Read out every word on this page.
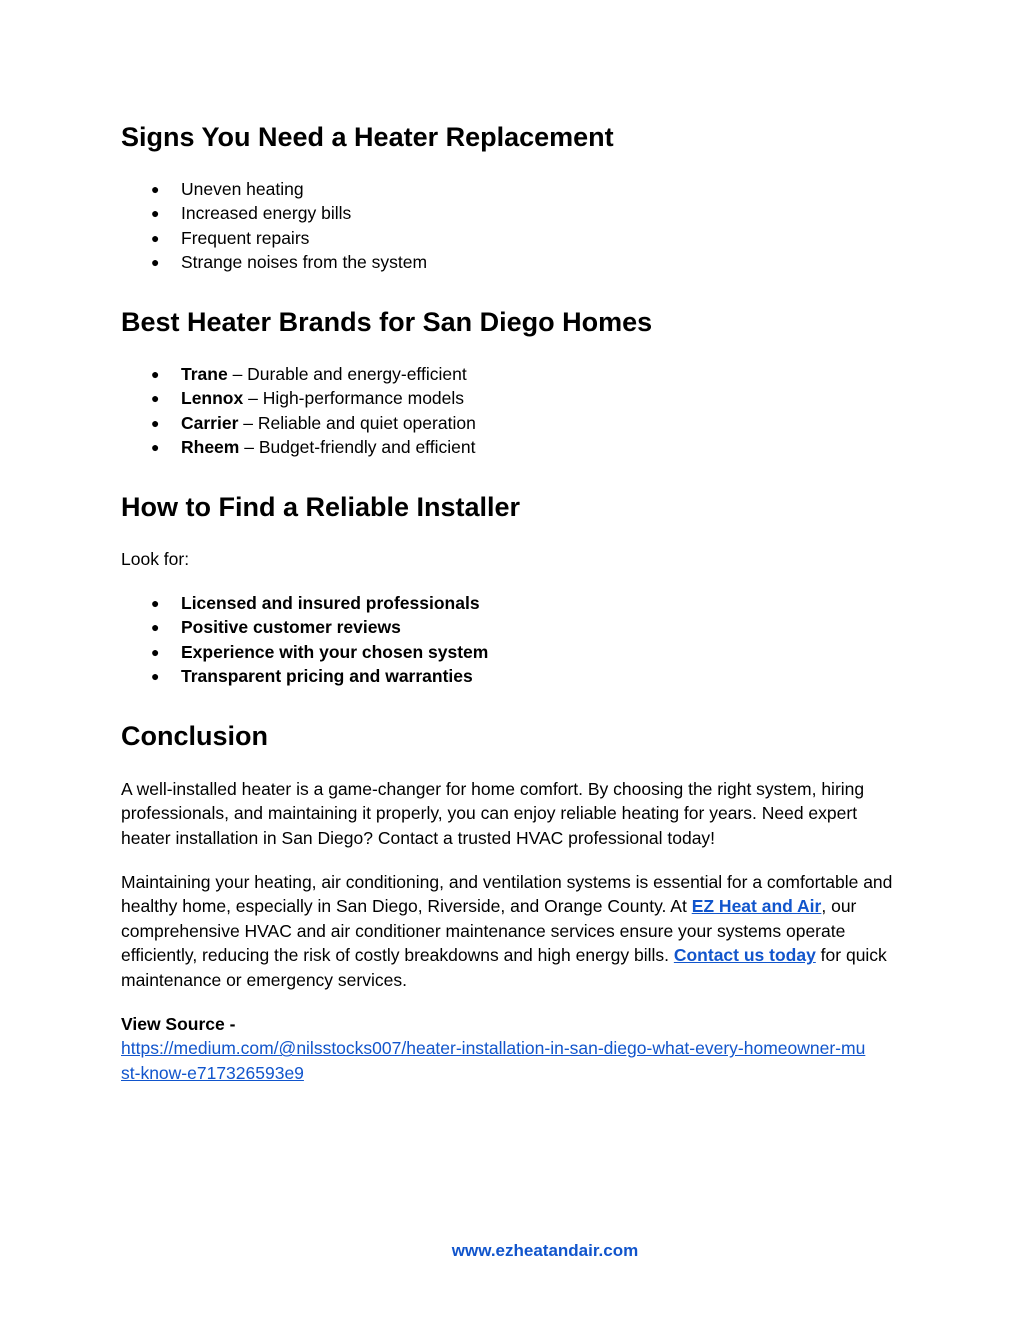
Signs You Need a Heater Replacement
● Uneven heating
● Increased energy bills
● Frequent repairs
● Strange noises from the system
Best Heater Brands for San Diego Homes
● Trane – Durable and energy-efficient
● Lennox – High-performance models
● Carrier – Reliable and quiet operation
● Rheem – Budget-friendly and efficient
How to Find a Reliable Installer

Look for:

● Licensed and insured professionals
● Positive customer reviews
● Experience with your chosen system
● Transparent pricing and warranties
Conclusion

A well-installed heater is a game-changer for home comfort. By choosing the right system, hiring professionals, and maintaining it properly, you can enjoy reliable heating for years. Need expert heater installation in San Diego? Contact a trusted HVAC professional today!

Maintaining your heating, air conditioning, and ventilation systems is essential for a comfortable and healthy home, especially in San Diego, Riverside, and Orange County. At EZ Heat and Air, our comprehensive HVAC and air conditioner maintenance services ensure your systems operate efficiently, reducing the risk of costly breakdowns and high energy bills. Contact us today for quick maintenance or emergency services.

View Source -
https://medium.com/@nilsstocks007/heater-installation-in-san-diego-what-every-homeowner-mu
st-know-e717326593e9

www.ezheatandair.com
